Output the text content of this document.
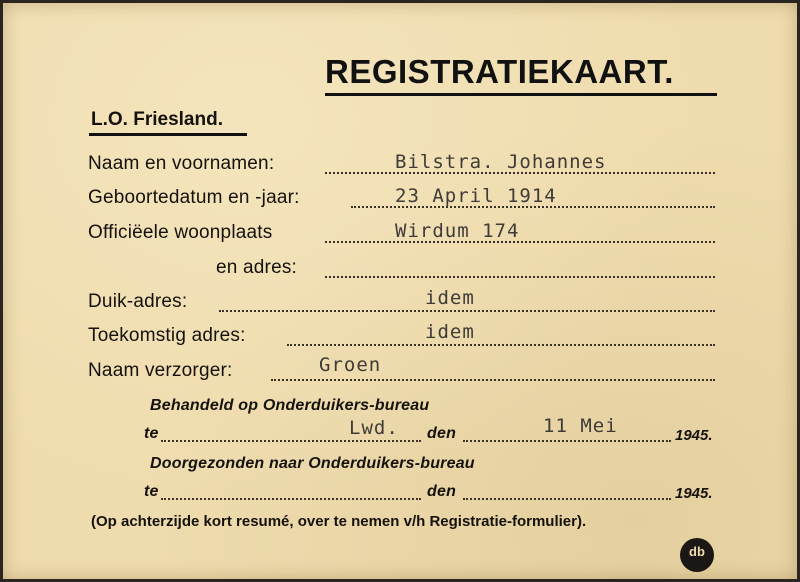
REGISTRATIEKAART.
L.O. Friesland.
Naam en voornamen:	Bilstra. Johannes
Geboortedatum en -jaar:	23 April 1914
Officiëele woonplaats	Wirdum 174
en adres:
Duik-adres:	idem
Toekomstig adres:	idem
Naam verzorger:	Groen
Behandeld op Onderduikers-bureau
te	Lwd. den	11 Mei	1945.
Doorgezonden naar Onderduikers-bureau
te	den	1945.
(Op achterzijde kort resumé, over te nemen v/h Registratie-formulier).
db
